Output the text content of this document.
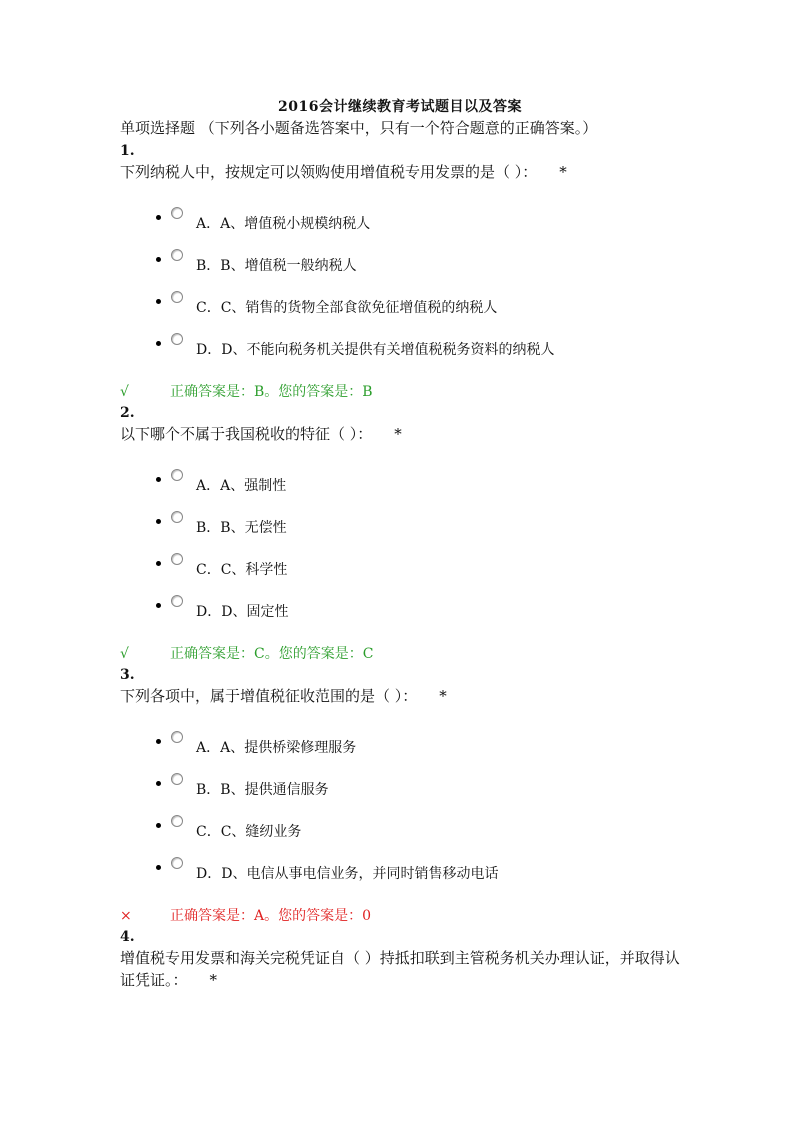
2016会计继续教育考试题目以及答案
单项选择题 （下列各小题备选答案中，只有一个符合题意的正确答案。）
1.
下列纳税人中，按规定可以领购使用增值税专用发票的是（ ）： *
A．A、增值税小规模纳税人
B．B、增值税一般纳税人
C．C、销售的货物全部食欲免征增值税的纳税人
D．D、不能向税务机关提供有关增值税税务资料的纳税人
√	正确答案是：B。您的答案是：B
2.
以下哪个不属于我国税收的特征（ ）： *
A．A、强制性
B．B、无偿性
C．C、科学性
D．D、固定性
√	正确答案是：C。您的答案是：C
3.
下列各项中，属于增值税征收范围的是（ ）： *
A．A、提供桥梁修理服务
B．B、提供通信服务
C．C、缝纫业务
D．D、电信从事电信业务，并同时销售移动电话
×	正确答案是：A。您的答案是：0
4.
增值税专用发票和海关完税凭证自（ ）持抵扣联到主管税务机关办理认证，并取得认证凭证。： *
